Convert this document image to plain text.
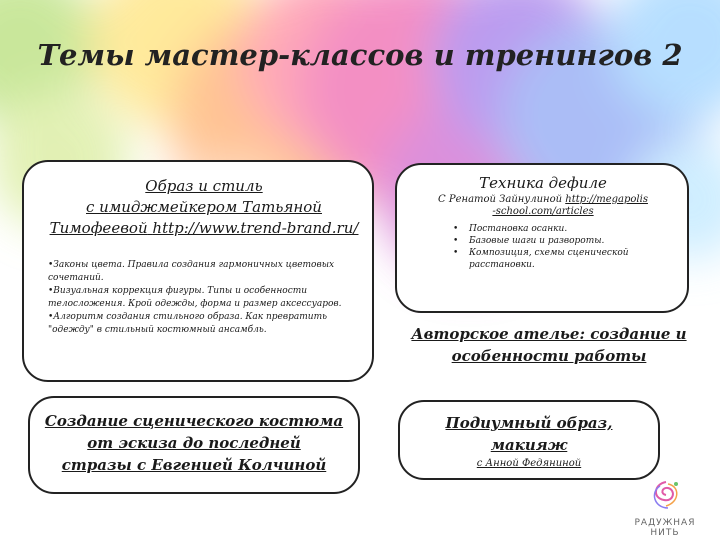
Темы мастер-классов и тренингов 2
Образ и стиль
с имиджмейкером Татьяной
Тимофеевой http://www.trend-brand.ru/
•Законы цвета. Правила создания гармоничных цветовых сочетаний.
•Визуальная коррекция фигуры. Типы и особенности телосложения. Крой одежды, форма и размер аксессуаров.
•Алгоритм создания стильного образа. Как превратить "одежду" в стильный костюмный ансамбль.
Техника дефиле
С Ренатой Зайнулиной http://megapolis
-school.com/articles
• Постановка осанки.
• Базовые шаги и развороты.
• Композиция, схемы сценической расстановки.
Создание сценического костюма
от эскиза до последней
стразы с Евгенией Колчиной
Авторское ателье: создание и
особенности работы
Подиумный образ,
макияж
с Анной Федяниной
РАДУЖНАЯ НИТЬ
